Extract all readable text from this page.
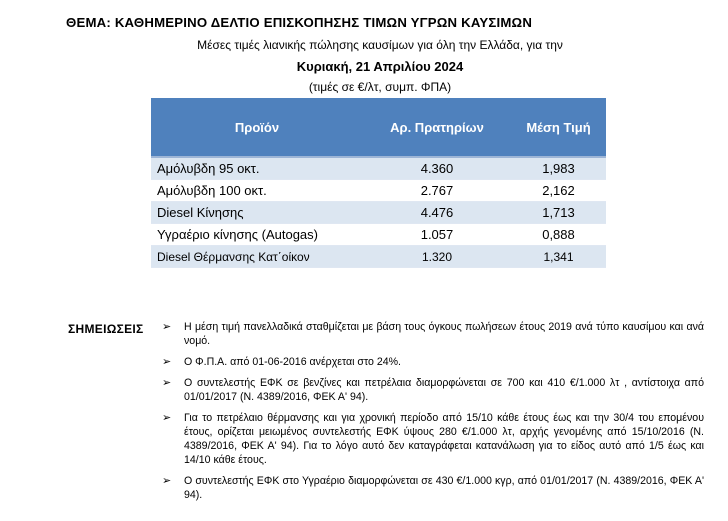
ΘΕΜΑ: ΚΑΘΗΜΕΡΙΝΟ ΔΕΛΤΙΟ ΕΠΙΣΚΟΠΗΣΗΣ ΤΙΜΩΝ ΥΓΡΩΝ ΚΑΥΣΙΜΩΝ
Μέσες τιμές λιανικής πώλησης καυσίμων για όλη την Ελλάδα, για την
Κυριακή, 21 Απριλίου 2024
(τιμές σε €/λτ, συμπ. ΦΠΑ)
Προϊόν	Αρ. Πρατηρίων	Μέση Τιμή
Αμόλυβδη 95 οκτ.	4.360	1,983
Αμόλυβδη 100 οκτ.	2.767	2,162
Diesel Κίνησης	4.476	1,713
Υγραέριο κίνησης (Autogas)	1.057	0,888
Diesel Θέρμανσης Κατ΄οίκον	1.320	1,341
ΣΗΜΕΙΩΣΕΙΣ ➢ Η μέση τιμή πανελλαδικά σταθμίζεται με βάση τους όγκους πωλήσεων έτους 2019 ανά τύπο καυσίμου και ανά νομό.
➢ Ο Φ.Π.Α. από 01-06-2016 ανέρχεται στο 24%.
➢ Ο συντελεστής ΕΦΚ σε βενζίνες και πετρέλαια διαμορφώνεται σε 700 και 410 €/1.000 λτ , αντίστοιχα από 01/01/2017 (Ν. 4389/2016, ΦΕΚ Α' 94).
➢ Για το πετρέλαιο θέρμανσης και για χρονική περίοδο από 15/10 κάθε έτους έως και την 30/4 του επομένου έτους, ορίζεται μειωμένος συντελεστής ΕΦΚ ύψους 280 €/1.000 λτ, αρχής γενομένης από 15/10/2016 (Ν. 4389/2016, ΦΕΚ Α' 94). Για το λόγο αυτό δεν καταγράφεται κατανάλωση για το είδος αυτό από 1/5 έως και 14/10 κάθε έτους.
➢ Ο συντελεστής ΕΦΚ στο Υγραέριο διαμορφώνεται σε 430 €/1.000 κγρ, από 01/01/2017 (Ν. 4389/2016, ΦΕΚ Α' 94).
